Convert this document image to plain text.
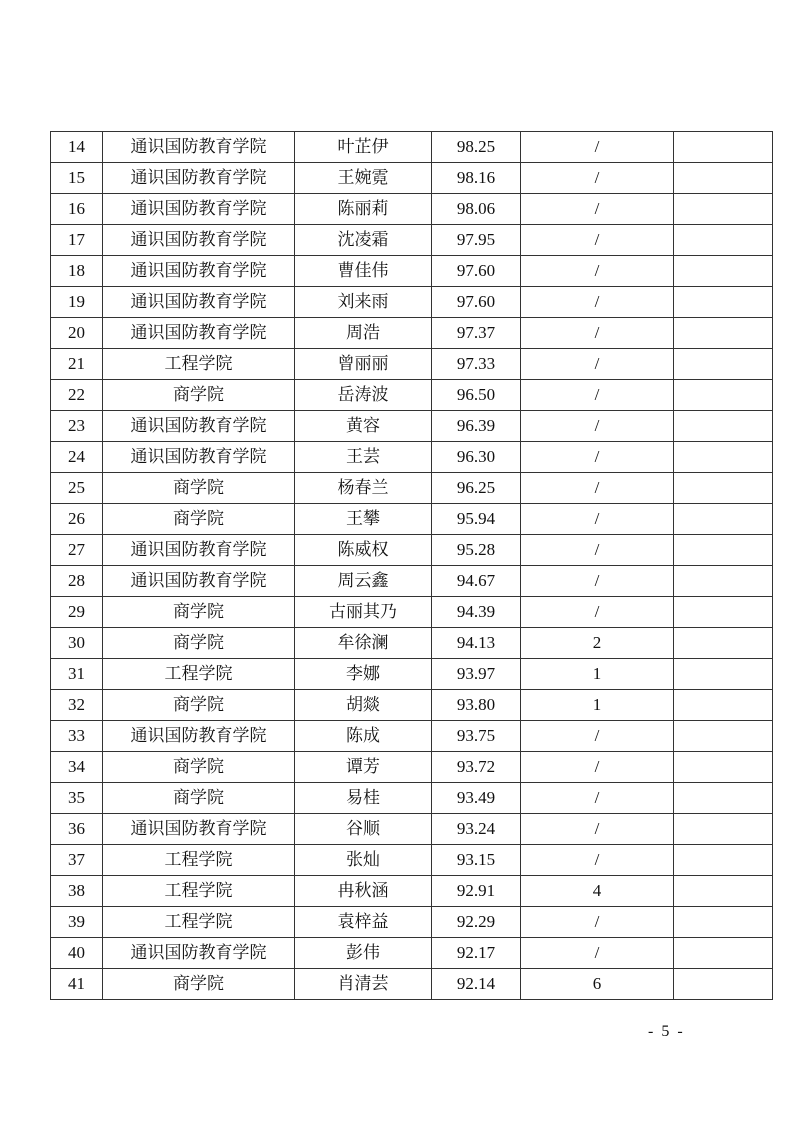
14	通识国防教育学院	叶芷伊	98.25	/	
15	通识国防教育学院	王婉霓	98.16	/	
16	通识国防教育学院	陈丽莉	98.06	/	
17	通识国防教育学院	沈凌霜	97.95	/	
18	通识国防教育学院	曹佳伟	97.60	/	
19	通识国防教育学院	刘来雨	97.60	/	
20	通识国防教育学院	周浩	97.37	/	
21	工程学院	曾丽丽	97.33	/	
22	商学院	岳涛波	96.50	/	
23	通识国防教育学院	黄容	96.39	/	
24	通识国防教育学院	王芸	96.30	/	
25	商学院	杨春兰	96.25	/	
26	商学院	王攀	95.94	/	
27	通识国防教育学院	陈威权	95.28	/	
28	通识国防教育学院	周云鑫	94.67	/	
29	商学院	古丽其乃	94.39	/	
30	商学院	牟徐澜	94.13	2	
31	工程学院	李娜	93.97	1	
32	商学院	胡燚	93.80	1	
33	通识国防教育学院	陈成	93.75	/	
34	商学院	谭芳	93.72	/	
35	商学院	易桂	93.49	/	
36	通识国防教育学院	谷顺	93.24	/	
37	工程学院	张灿	93.15	/	
38	工程学院	冉秋涵	92.91	4	
39	工程学院	袁梓益	92.29	/	
40	通识国防教育学院	彭伟	92.17	/	
41	商学院	肖清芸	92.14	6	
- 5 -
